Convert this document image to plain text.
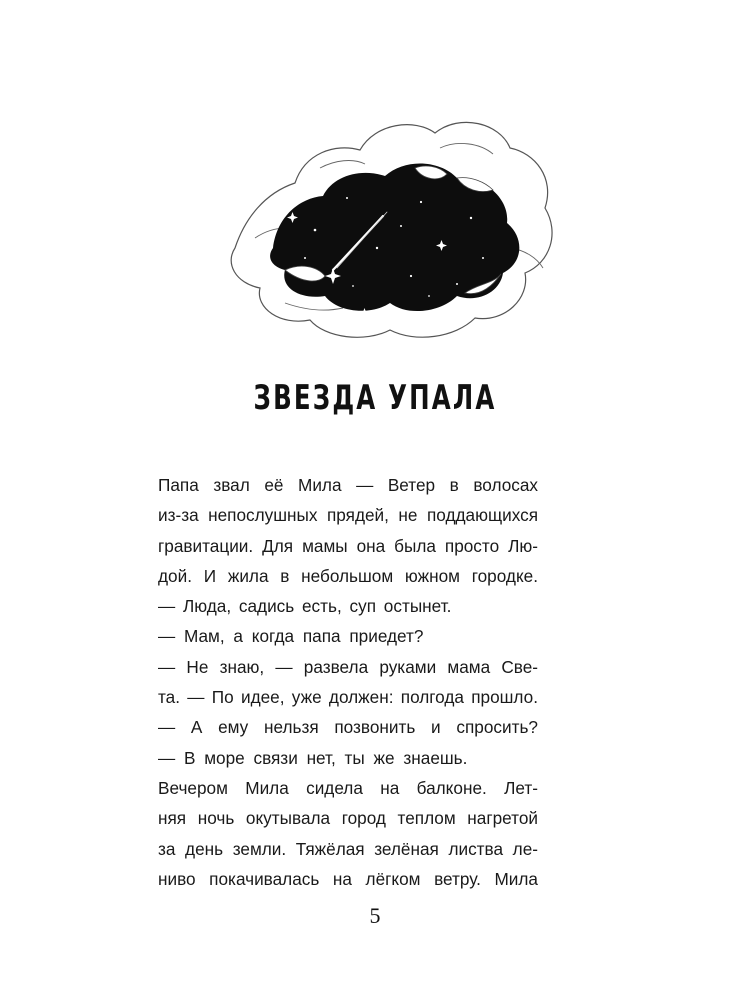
ЗВЕЗДА УПАЛА
Папа звал её Мила — Ветер в волосах
из-за непослушных прядей, не поддающихся
гравитации. Для мамы она была просто Лю-
дой. И жила в небольшом южном городке.
— Люда, садись есть, суп остынет.
— Мам, а когда папа приедет?
— Не знаю, — развела руками мама Све-
та. — По идее, уже должен: полгода прошло.
— А ему нельзя позвонить и спросить?
— В море связи нет, ты же знаешь.
Вечером Мила сидела на балконе. Лет-
няя ночь окутывала город теплом нагретой
за день земли. Тяжёлая зелёная листва ле-
ниво покачивалась на лёгком ветру. Мила
5
